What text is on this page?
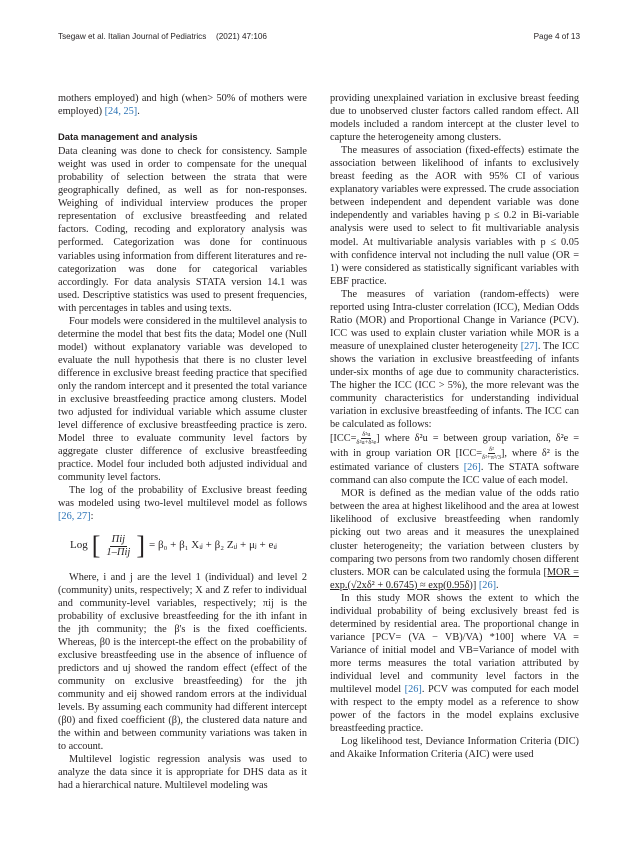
Tsegaw et al. Italian Journal of Pediatrics (2021) 47:106	Page 4 of 13

mothers employed) and high (when> 50% of mothers were employed) [24, 25].

Data management and analysis

Data cleaning was done to check for consistency. Sample weight was used in order to compensate for the unequal probability of selection between the strata that were geographically defined, as well as for non-responses. Weighing of individual interview produces the proper representation of exclusive breastfeeding and related factors. Coding, recoding and exploratory analysis was performed. Categorization was done for continuous variables using information from different literatures and re-categorization was done for categorical variables accordingly. For data analysis STATA version 14.1 was used. Descriptive statistics was used to present frequencies, with percentages in tables and using texts.

Four models were considered in the multilevel analysis to determine the model that best fits the data; Model one (Null model) without explanatory variable was developed to evaluate the null hypothesis that there is no cluster level difference in exclusive breast feeding practice that specified only the random intercept and it presented the total variance in exclusive breastfeeding practice among clusters. Model two adjusted for individual variable which assume cluster level difference of exclusive breastfeeding practice is zero. Model three to evaluate community level factors by aggregate cluster difference of exclusive breastfeeding practice. Model four included both adjusted individual and community level factors.

The log of the probability of Exclusive breast feeding was modeled using two-level multilevel model as follows [26, 27]:

Log [ $\frac{\text{Πij}}{\text{1–Πij}}$ ] = β₀ + β₁ Xᵢⱼ + β₂ Zᵢⱼ + μⱼ + eᵢⱼ

Where, i and j are the level 1 (individual) and level 2 (community) units, respectively; X and Z refer to individual and community-level variables, respectively; πij is the probability of exclusive breastfeeding for the ith infant in the jth community; the β's is the fixed coefficients. Whereas, β0 is the intercept-the effect on the probability of exclusive breastfeeding use in the absence of influence of predictors and uj showed the random effect (effect of the community on exclusive breastfeeding) for the jth community and eij showed random errors at the individual levels. By assuming each community had different intercept (β0) and fixed coefficient (β), the clustered data nature and the within and between community variations was taken in to account.

Multilevel logistic regression analysis was used to analyze the data since it is appropriate for DHS data as it had a hierarchical nature. Multilevel modeling was

providing unexplained variation in exclusive breast feeding due to unobserved cluster factors called random effect. All models included a random intercept at the cluster level to capture the heterogeneity among clusters.

The measures of association (fixed-effects) estimate the association between likelihood of infants to exclusively breast feeding as the AOR with 95% CI of various explanatory variables were expressed. The crude association between independent and dependent variable was done independently and variables having p ≤ 0.2 in Bi-variable analysis were used to select to fit multivariable analysis model. At multivariable analysis variables with p ≤ 0.05 with confidence interval not including the null value (OR = 1) were considered as statistically significant variables with EBF practice.

The measures of variation (random-effects) were reported using Intra-cluster correlation (ICC), Median Odds Ratio (MOR) and Proportional Change in Variance (PCV). ICC was used to explain cluster variation while MOR is a measure of unexplained cluster heterogeneity [27]. The ICC shows the variation in exclusive breastfeeding of infants under-six months of age due to community characteristics. The higher the ICC (ICC > 5%), the more relevant was the community characteristics for understanding individual variation in exclusive breastfeeding of infants. The ICC can be calculated as follows:

[$ICC= \frac{\text{δ²u}}{\text{δ²u+δ²e}}$ ] where δ²u = between group variation, δ²e = with in group variation OR [$ICC= \frac{\text{δ²}}{\text{δ²+π²/3}}$ ], where δ² is the estimated variance of clusters [26]. The STATA software command can also compute the ICC value of each model.

MOR is defined as the median value of the odds ratio between the area at highest likelihood and the area at lowest likelihood of exclusive breastfeeding when randomly picking out two areas and it measures the unexplained cluster heterogeneity; the variation between clusters by comparing two persons from two randomly chosen different clusters. MOR can be calculated using the formula [MOR = exp.(√2xδ² + 0.6745) ≈ exp(0.95δ)] [26].

In this study MOR shows the extent to which the individual probability of being exclusively breast fed is determined by residential area. The proportional change in variance [PCV= (VA − VB)/VA) *100] where VA = Variance of initial model and VB=Variance of model with more terms measures the total variation attributed by individual level and community level factors in the multilevel model [26]. PCV was computed for each model with respect to the empty model as a reference to show power of the factors in the model explains exclusive breastfeeding practice.

Log likelihood test, Deviance Information Criteria (DIC) and Akaike Information Criteria (AIC) were used
